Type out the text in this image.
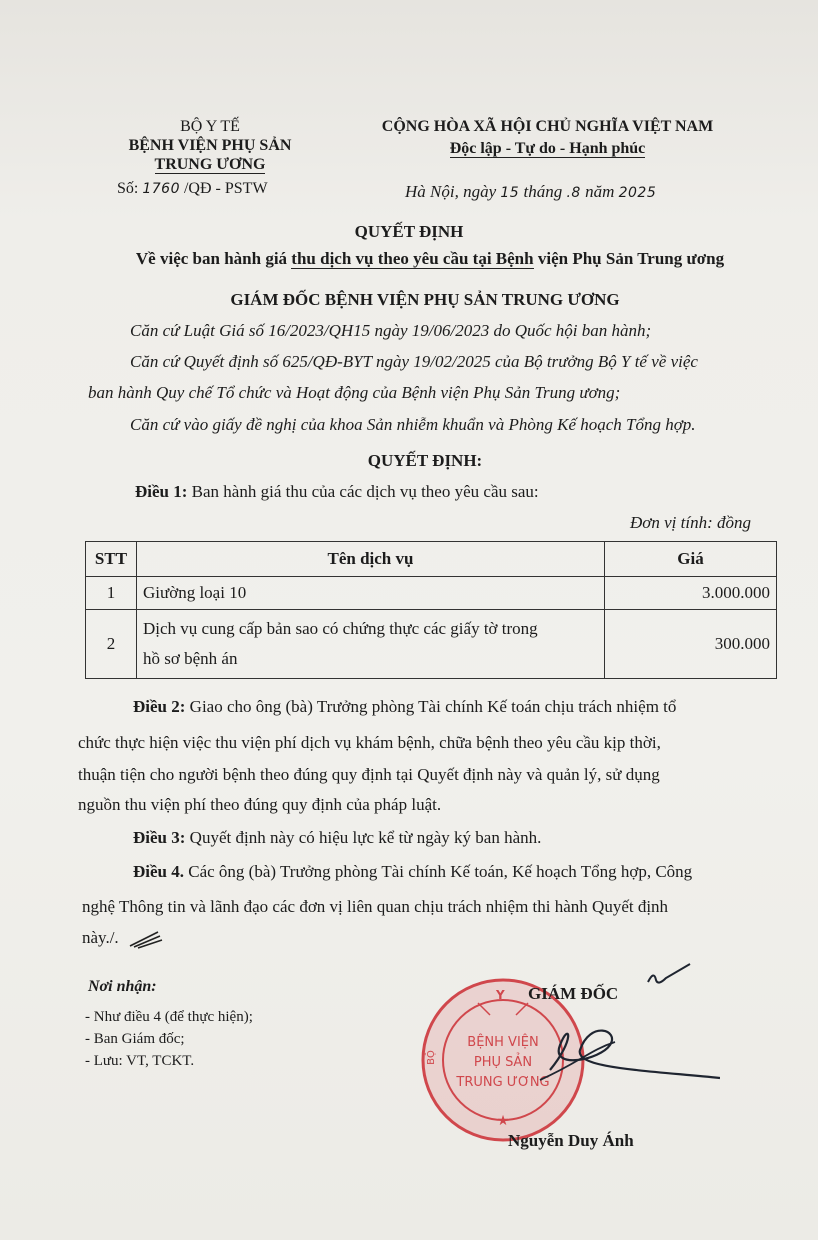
BỘ Y TẾ
BỆNH VIỆN PHỤ SẢN
TRUNG ƯƠNG
Số: 1760 /QĐ - PSTW
CỘNG HÒA XÃ HỘI CHỦ NGHĨA VIỆT NAM
Độc lập - Tự do - Hạnh phúc
Hà Nội, ngày 15 tháng .8 năm 2025
QUYẾT ĐỊNH
Về việc ban hành giá thu dịch vụ theo yêu cầu tại Bệnh viện Phụ Sản Trung ương
GIÁM ĐỐC BỆNH VIỆN PHỤ SẢN TRUNG ƯƠNG
Căn cứ Luật Giá số 16/2023/QH15 ngày 19/06/2023 do Quốc hội ban hành;
Căn cứ Quyết định số 625/QĐ-BYT ngày 19/02/2025 của Bộ trưởng Bộ Y tế về việc
ban hành Quy chế Tổ chức và Hoạt động của Bệnh viện Phụ Sản Trung ương;
Căn cứ vào giấy đề nghị của khoa Sản nhiễm khuẩn và Phòng Kế hoạch Tổng hợp.
QUYẾT ĐỊNH:
Điều 1: Ban hành giá thu của các dịch vụ theo yêu cầu sau:
Đơn vị tính: đồng
STT	Tên dịch vụ	Giá
1	Giường loại 10	3.000.000
2	Dịch vụ cung cấp bản sao có chứng thực các giấy tờ trong
hồ sơ bệnh án	300.000
Điều 2: Giao cho ông (bà) Trưởng phòng Tài chính Kế toán chịu trách nhiệm tổ
chức thực hiện việc thu viện phí dịch vụ khám bệnh, chữa bệnh theo yêu cầu kịp thời,
thuận tiện cho người bệnh theo đúng quy định tại Quyết định này và quản lý, sử dụng
nguồn thu viện phí theo đúng quy định của pháp luật.
Điều 3: Quyết định này có hiệu lực kể từ ngày ký ban hành.
Điều 4. Các ông (bà) Trưởng phòng Tài chính Kế toán, Kế hoạch Tổng hợp, Công
nghệ Thông tin và lãnh đạo các đơn vị liên quan chịu trách nhiệm thi hành Quyết định
này./.
Nơi nhận:
- Như điều 4 (để thực hiện);
- Ban Giám đốc;
- Lưu: VT, TCKT.
★
Y
BỘ
BỆNH VIỆN
PHỤ SẢN
TRUNG ƯƠNG
GIÁM ĐỐC
Nguyễn Duy Ánh
